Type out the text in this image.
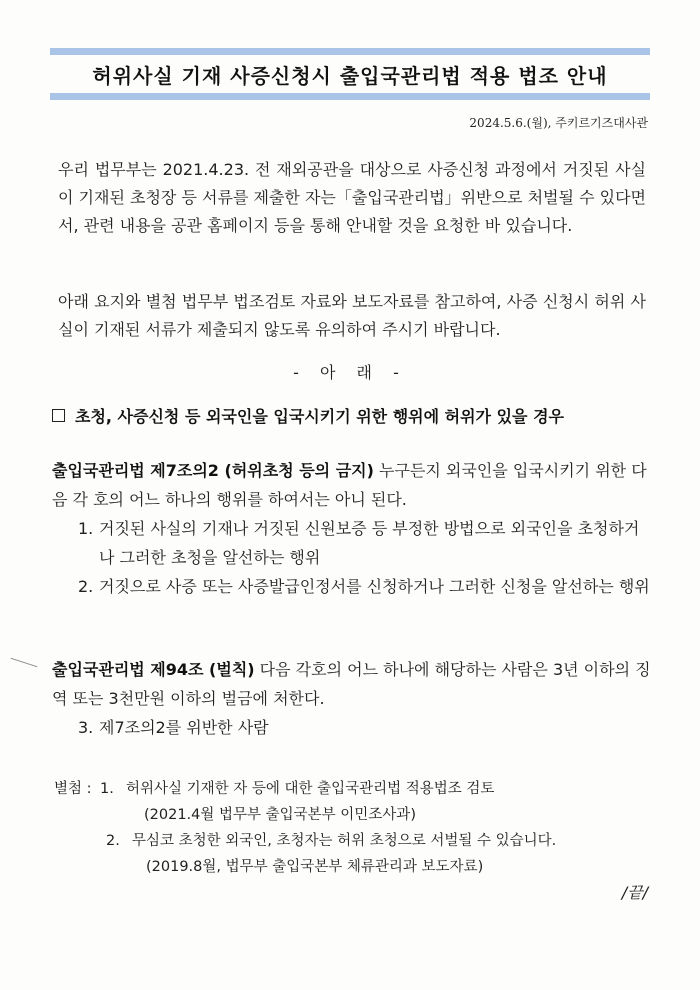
허위사실 기재 사증신청시 출입국관리법 적용 법조 안내
2024.5.6.(월), 주키르기즈대사관
우리 법무부는 2021.4.23. 전 재외공관을 대상으로 사증신청 과정에서 거짓된 사실이 기재된 초청장 등 서류를 제출한 자는「출입국관리법」위반으로 처벌될 수 있다면서, 관련 내용을 공관 홈페이지 등을 통해 안내할 것을 요청한 바 있습니다.
아래 요지와 별첨 법무부 법조검토 자료와 보도자료를 참고하여, 사증 신청시 허위 사실이 기재된 서류가 제출되지 않도록 유의하여 주시기 바랍니다.
- 아 래 -
초청, 사증신청 등 외국인을 입국시키기 위한 행위에 허위가 있을 경우
출입국관리법 제7조의2 (허위초청 등의 금지) 누구든지 외국인을 입국시키기 위한 다음 각 호의 어느 하나의 행위를 하여서는 아니 된다.
1. 거짓된 사실의 기재나 거짓된 신원보증 등 부정한 방법으로 외국인을 초청하거나 그러한 초청을 알선하는 행위
2. 거짓으로 사증 또는 사증발급인정서를 신청하거나 그러한 신청을 알선하는 행위
출입국관리법 제94조 (벌칙) 다음 각호의 어느 하나에 해당하는 사람은 3년 이하의 징역 또는 3천만원 이하의 벌금에 처한다.
3. 제7조의2를 위반한 사람
별첨 : 1. 허위사실 기재한 자 등에 대한 출입국관리법 적용법조 검토
(2021.4월 법무부 출입국본부 이민조사과)
2. 무심코 초청한 외국인, 초청자는 허위 초청으로 서벌될 수 있습니다.
(2019.8월, 법무부 출입국본부 체류관리과 보도자료)
/끝/
